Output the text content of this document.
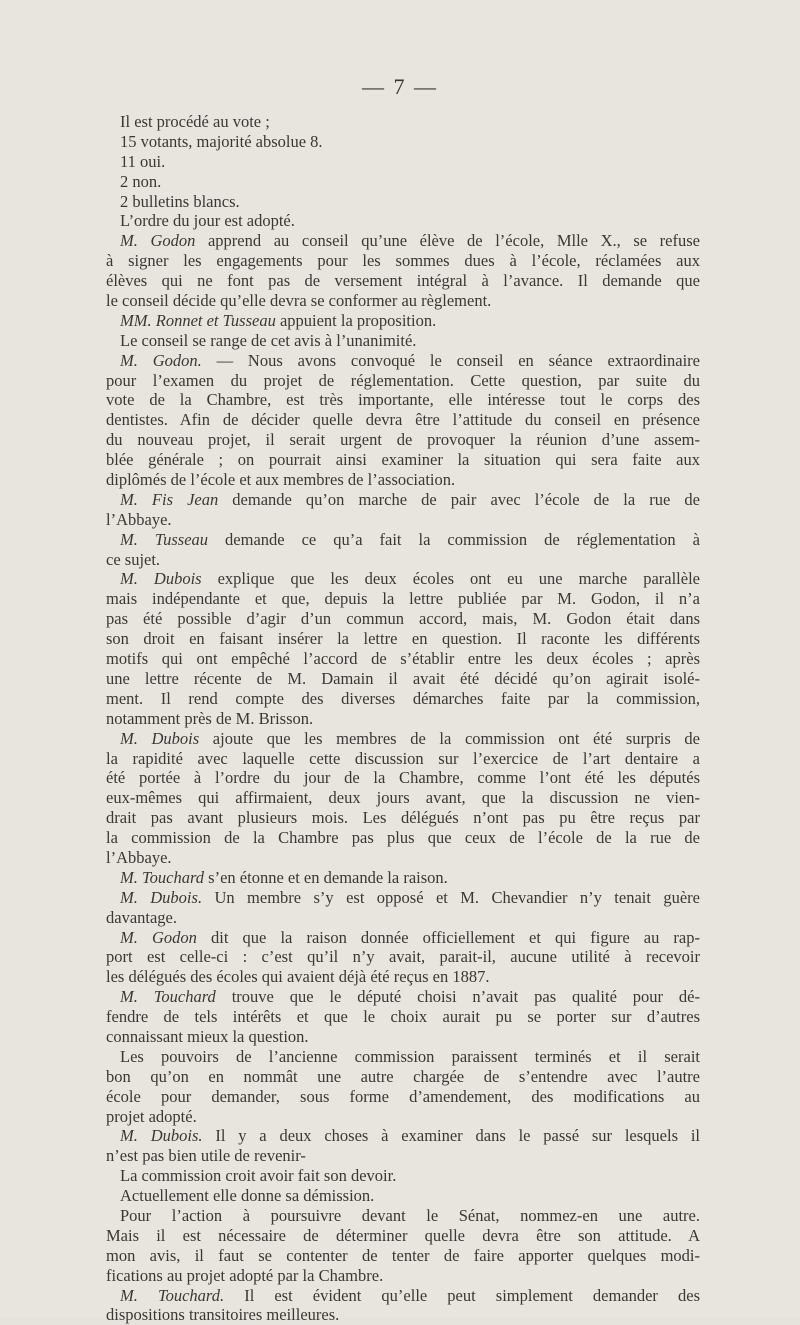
— 7 —
Il est procédé au vote ;
15 votants, majorité absolue 8.
11 oui.
2 non.
2 bulletins blancs.
L’ordre du jour est adopté.
M. Godon apprend au conseil qu’une élève de l’école, Mlle X., se refuse
à signer les engagements pour les sommes dues à l’école, réclamées aux
élèves qui ne font pas de versement intégral à l’avance. Il demande que
le conseil décide qu’elle devra se conformer au règlement.
MM. Ronnet et Tusseau appuient la proposition.
Le conseil se range de cet avis à l’unanimité.
M. Godon. — Nous avons convoqué le conseil en séance extraordinaire
pour l’examen du projet de réglementation. Cette question, par suite du
vote de la Chambre, est très importante, elle intéresse tout le corps des
dentistes. Afin de décider quelle devra être l’attitude du conseil en présence
du nouveau projet, il serait urgent de provoquer la réunion d’une assem-
blée générale ; on pourrait ainsi examiner la situation qui sera faite aux
diplômés de l’école et aux membres de l’association.
M. Fis Jean demande qu’on marche de pair avec l’école de la rue de
l’Abbaye.
M. Tusseau demande ce qu’a fait la commission de réglementation à
ce sujet.
M. Dubois explique que les deux écoles ont eu une marche parallèle
mais indépendante et que, depuis la lettre publiée par M. Godon, il n’a
pas été possible d’agir d’un commun accord, mais, M. Godon était dans
son droit en faisant insérer la lettre en question. Il raconte les différents
motifs qui ont empêché l’accord de s’établir entre les deux écoles ; après
une lettre récente de M. Damain il avait été décidé qu’on agirait isolé-
ment. Il rend compte des diverses démarches faite par la commission,
notamment près de M. Brisson.
M. Dubois ajoute que les membres de la commission ont été surpris de
la rapidité avec laquelle cette discussion sur l’exercice de l’art dentaire a
été portée à l’ordre du jour de la Chambre, comme l’ont été les députés
eux-mêmes qui affirmaient, deux jours avant, que la discussion ne vien-
drait pas avant plusieurs mois. Les délégués n’ont pas pu être reçus par
la commission de la Chambre pas plus que ceux de l’école de la rue de
l’Abbaye.
M. Touchard s’en étonne et en demande la raison.
M. Dubois. Un membre s’y est opposé et M. Chevandier n’y tenait guère
davantage.
M. Godon dit que la raison donnée officiellement et qui figure au rap-
port est celle-ci : c’est qu’il n’y avait, parait-il, aucune utilité à recevoir
les délégués des écoles qui avaient déjà été reçus en 1887.
M. Touchard trouve que le député choisi n’avait pas qualité pour dé-
fendre de tels intérêts et que le choix aurait pu se porter sur d’autres
connaissant mieux la question.
Les pouvoirs de l’ancienne commission paraissent terminés et il serait
bon qu’on en nommât une autre chargée de s’entendre avec l’autre
école pour demander, sous forme d’amendement, des modifications au
projet adopté.
M. Dubois. Il y a deux choses à examiner dans le passé sur lesquels il
n’est pas bien utile de revenir-
La commission croit avoir fait son devoir.
Actuellement elle donne sa démission.
Pour l’action à poursuivre devant le Sénat, nommez-en une autre.
Mais il est nécessaire de déterminer quelle devra être son attitude. A
mon avis, il faut se contenter de tenter de faire apporter quelques modi-
fications au projet adopté par la Chambre.
M. Touchard. Il est évident qu’elle peut simplement demander des
dispositions transitoires meilleures.
